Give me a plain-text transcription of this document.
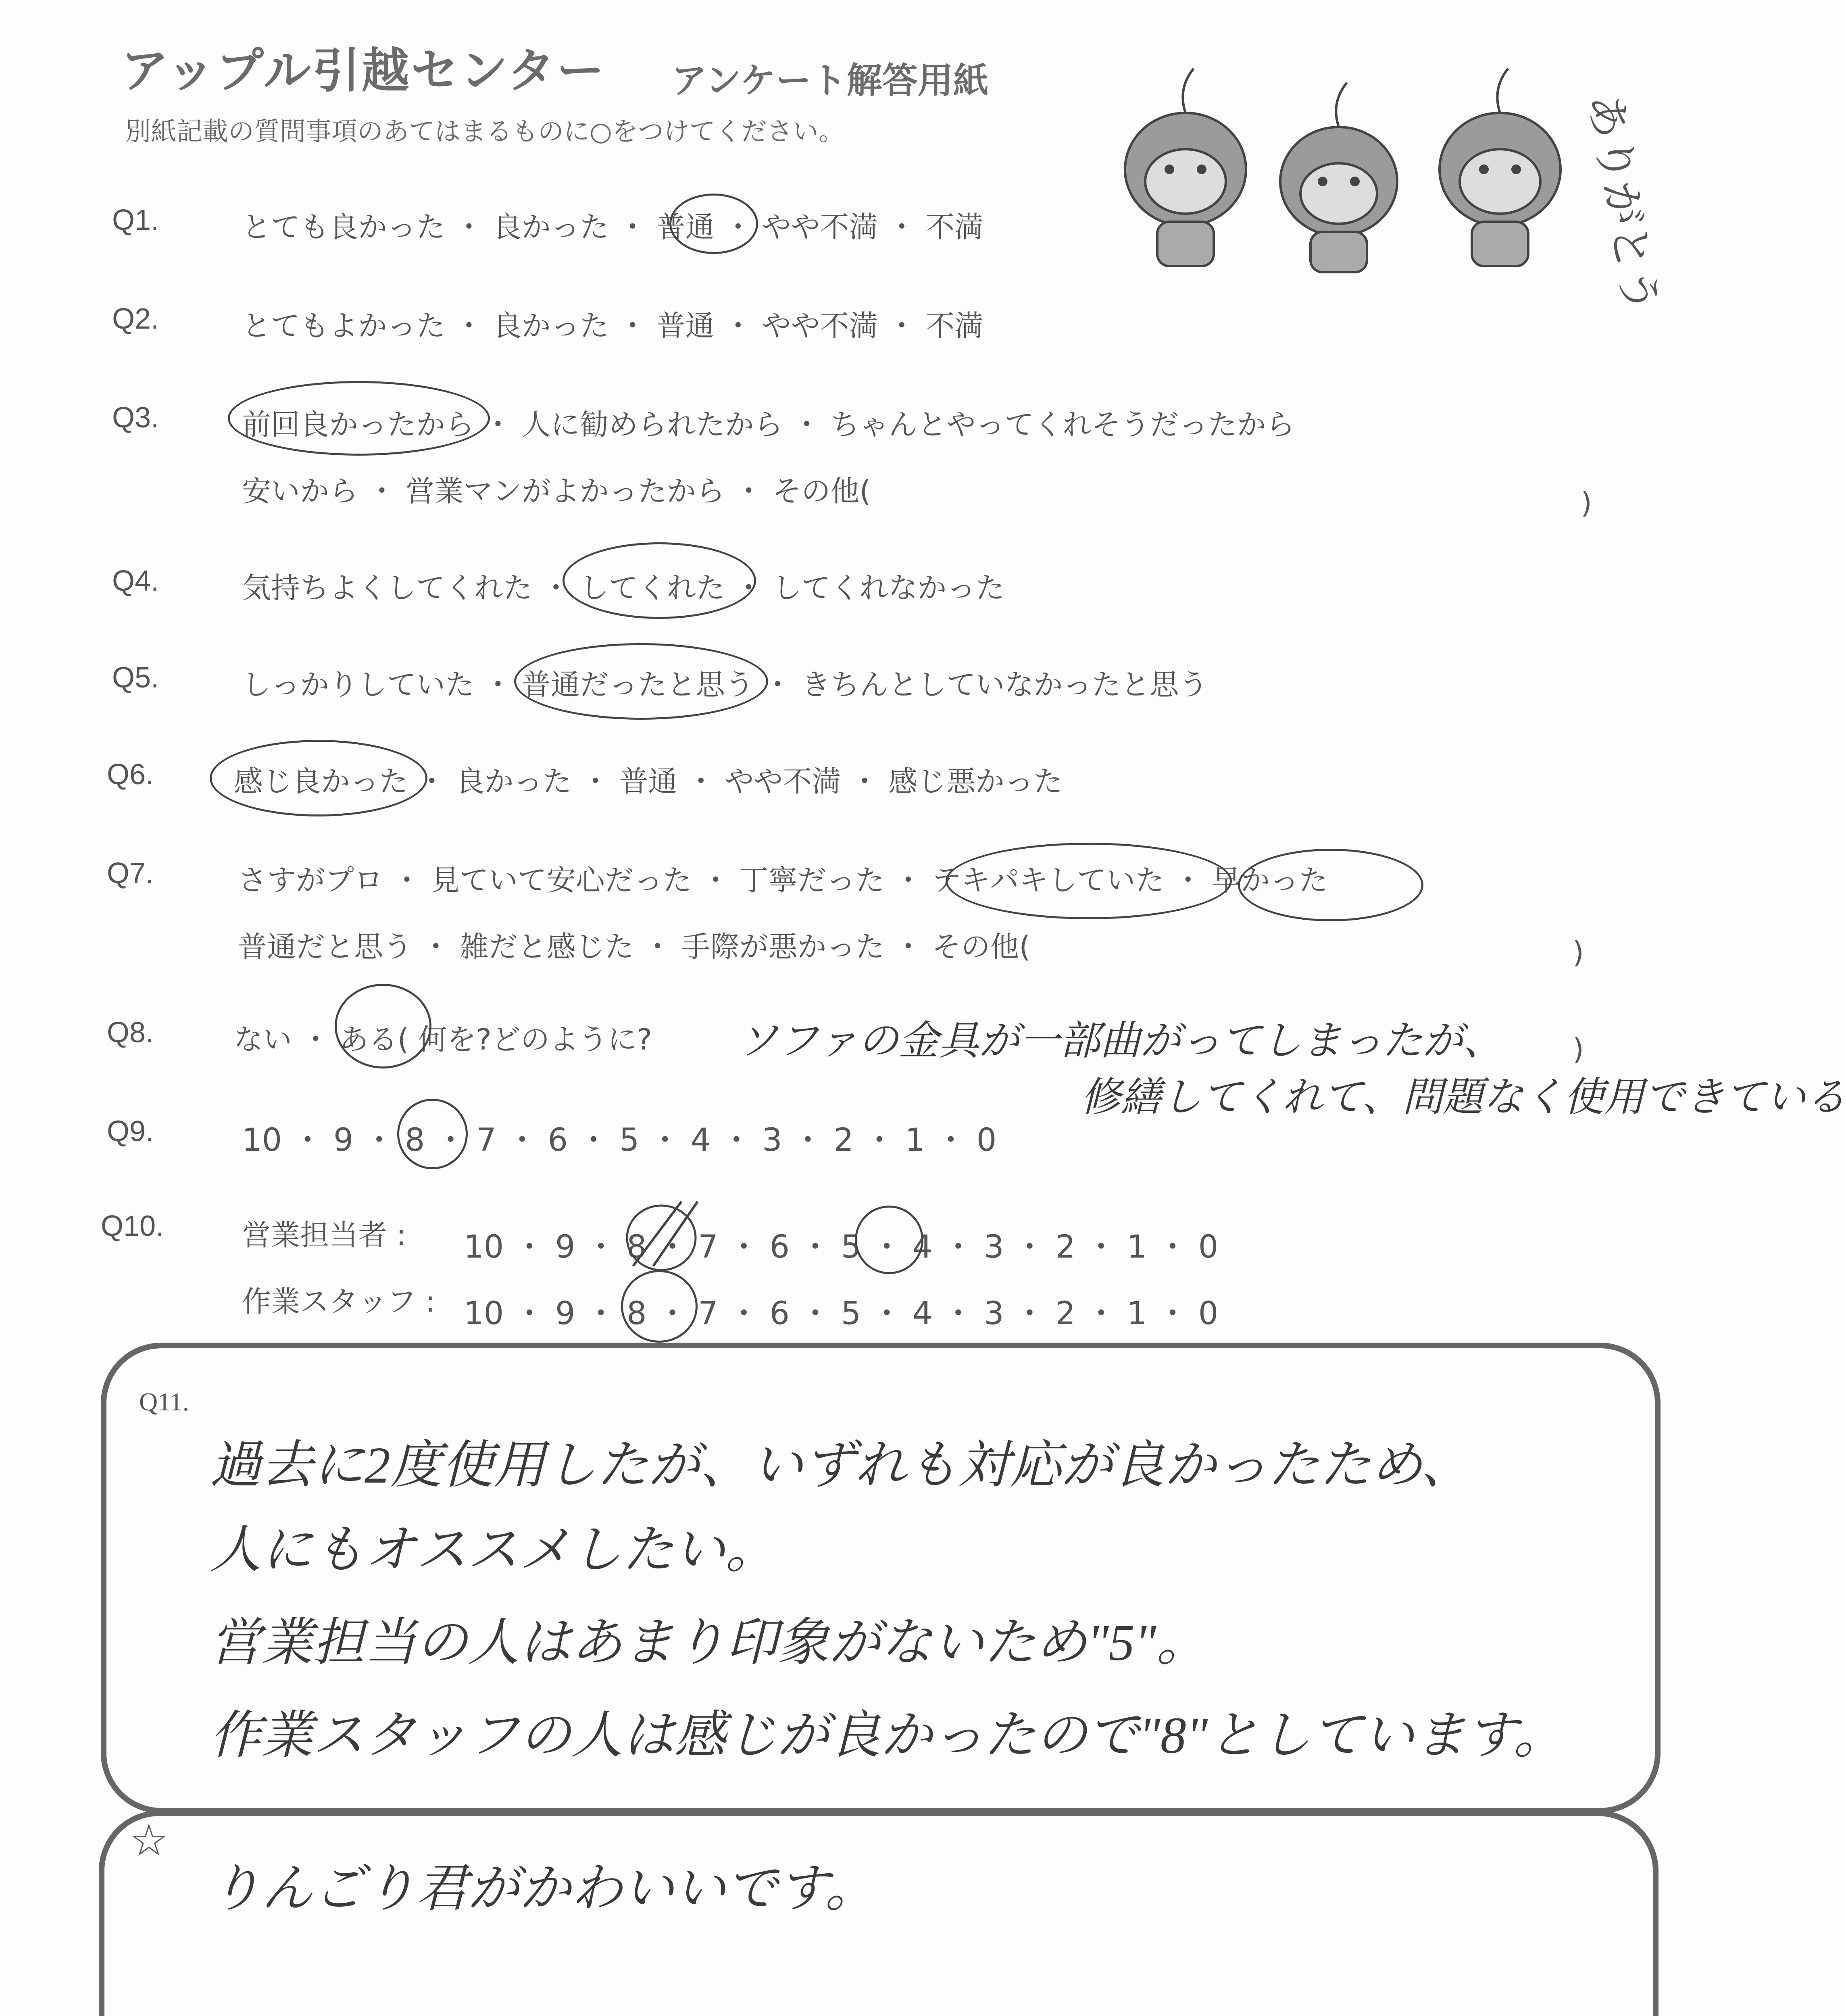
アップル引越センター アンケート解答用紙
別紙記載の質問事項のあてはまるものに○をつけてください。	ありがとう
Q1.	とても良かった ・ 良かった ・ 普通 ・ やや不満 ・ 不満
Q2.	とてもよかった ・ 良かった ・ 普通 ・ やや不満 ・ 不満
Q3.	前回良かったから ・ 人に勧められたから ・ ちゃんとやってくれそうだったから
安いから ・ 営業マンがよかったから ・ その他(	)
Q4.	気持ちよくしてくれた ・ してくれた ・ してくれなかった
Q5.	しっかりしていた ・ 普通だったと思う ・ きちんとしていなかったと思う
Q6.	感じ良かった ・ 良かった ・ 普通 ・ やや不満 ・ 感じ悪かった
Q7.	さすがプロ ・ 見ていて安心だった ・ 丁寧だった ・ テキパキしていた ・ 早かった
普通だと思う ・ 雑だと感じた ・ 手際が悪かった ・ その他(	)
Q8.	ない ・ ある( 何を?どのように?	)
ソファの金具が一部曲がってしまったが、
修繕してくれて、問題なく使用できている
Q9.	10 ・ 9 ・ 8 ・ 7 ・ 6 ・ 5 ・ 4 ・ 3 ・ 2 ・ 1 ・ 0
Q10.	営業担当者 : 10 ・ 9 ・ 8 ・ 7 ・ 6 ・ 5 ・ 4 ・ 3 ・ 2 ・ 1 ・ 0
作業スタッフ : 10 ・ 9 ・ 8 ・ 7 ・ 6 ・ 5 ・ 4 ・ 3 ・ 2 ・ 1 ・ 0
Q11.
過去に2度使用したが、いずれも対応が良かったため、
人にもオススメしたい。
営業担当の人はあまり印象がないため"5"。
作業スタッフの人は感じが良かったので"8"としています。
☆
りんごり君がかわいいです。
